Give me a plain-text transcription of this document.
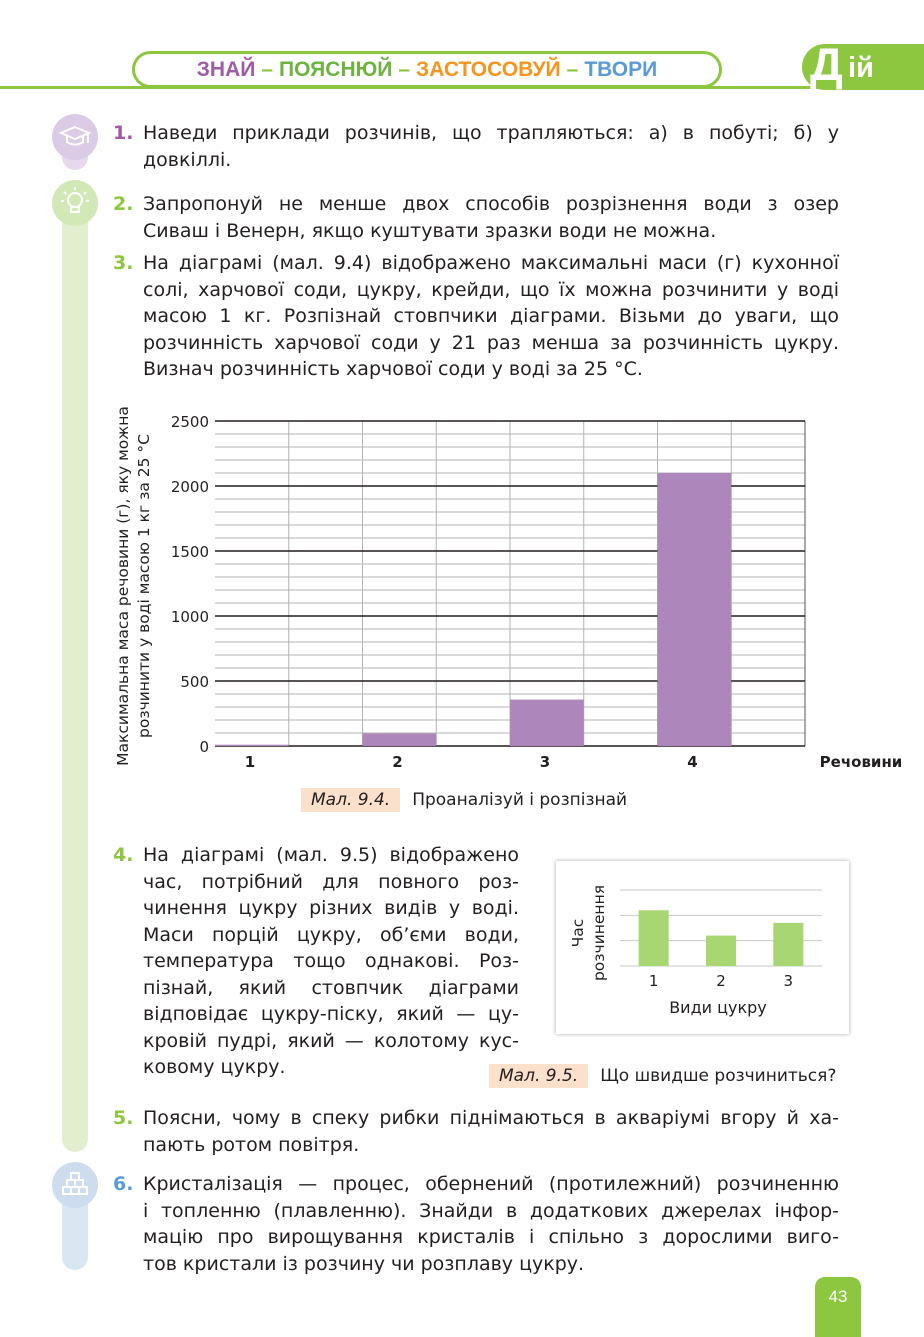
ЗНАЙ – ПОЯСНЮЙ – ЗАСТОСОВУЙ – ТВОРИ	Д ій
1. Наведи приклади розчинів, що трапляються: а) в побуті; б) у
довкіллі.
2. Запропонуй не менше двох способів розрізнення води з озер
Сиваш і Венерн, якщо куштувати зразки води не можна.
3. На діаграмі (мал. 9.4) відображено максимальні маси (г) кухонної
солі, харчової соди, цукру, крейди, що їх можна розчинити у воді
масою 1 кг. Розпізнай стовпчики діаграми. Візьми до уваги, що
розчинність харчової соди у 21 раз менша за розчинність цукру.
Визнач розчинність харчової соди у воді за 25 °С.
4. На діаграмі (мал. 9.5) відображено
час, потрібний для повного роз-
чинення цукру різних видів у воді.
Маси порцій цукру, об’єми води,
температура тощо однакові. Роз-
пізнай, який стовпчик діаграми
відповідає цукру-піску, який — цу-
кровій пудрі, який — колотому кус-
ковому цукру.
5. Поясни, чому в спеку рибки піднімаються в акваріумі вгору й ха-
пають ротом повітря.
6. Кристалізація — процес, обернений (протилежний) розчиненню
і топленню (плавленню). Знайди в додаткових джерелах інфор-
мацію про вирощування кристалів і спільно з дорослими вигo-
тов кристали із розчину чи розплаву цукру.
0
500
1000
1500
2000
2500
1	2	3	4	Речовини
Максимальна маса речовини (г), яку можна розчинити у воді масою 1 кг за 25 °С
Мал. 9.4.	Проаналізуй і розпізнай
1	2	3
Види цукру
Час розчинення
Мал. 9.5.	Що швидше розчиниться?
43
